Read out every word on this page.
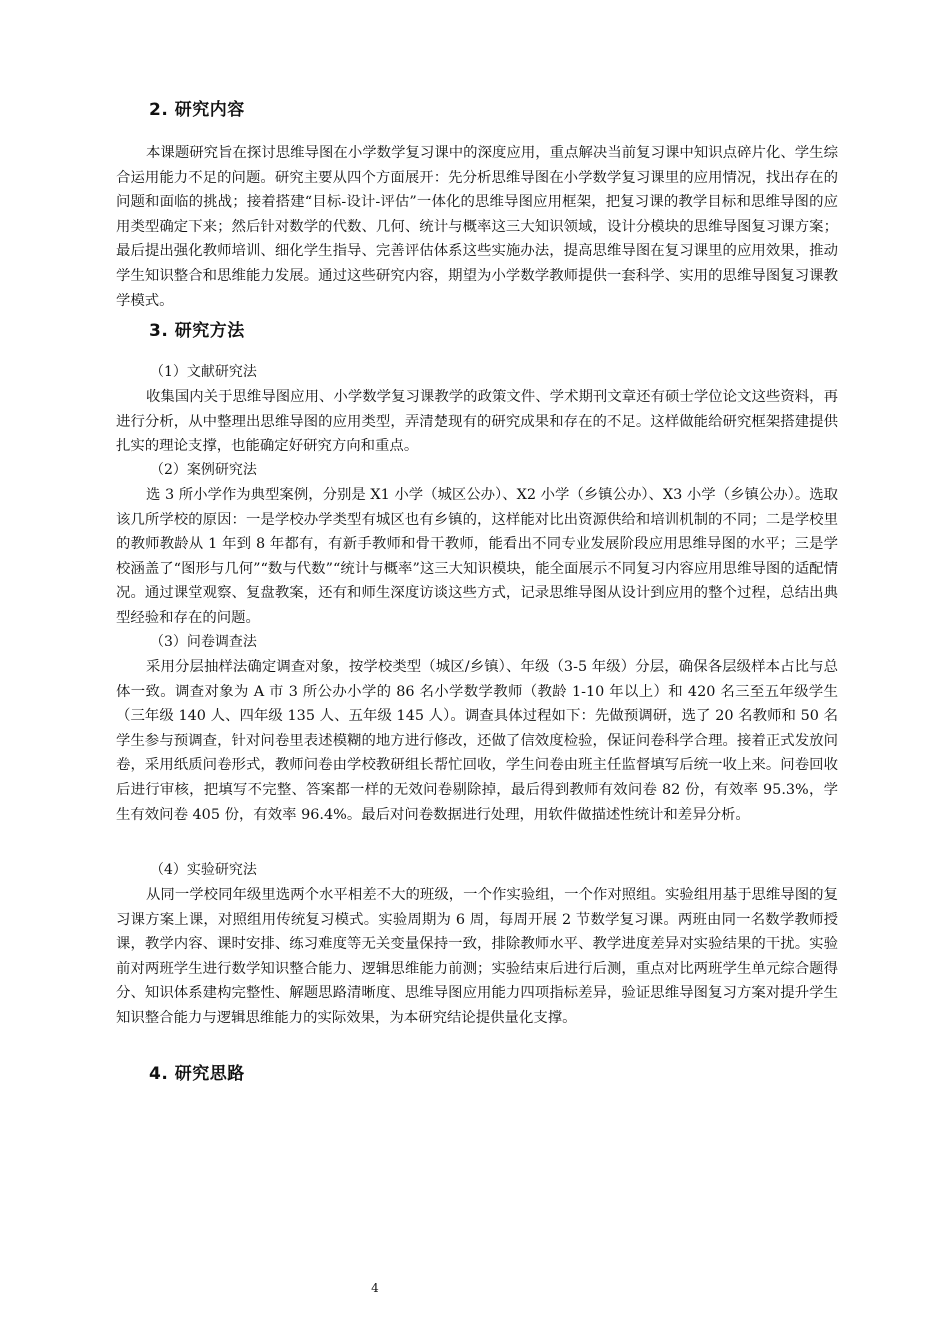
2. 研究内容

本课题研究旨在探讨思维导图在小学数学复习课中的深度应用，重点解决当前复习课中知识点碎片化、学生综合运用能力不足的问题。研究主要从四个方面展开：先分析思维导图在小学数学复习课里的应用情况，找出存在的问题和面临的挑战；接着搭建“目标-设计-评估”一体化的思维导图应用框架，把复习课的教学目标和思维导图的应用类型确定下来；然后针对数学的代数、几何、统计与概率这三大知识领域，设计分模块的思维导图复习课方案；最后提出强化教师培训、细化学生指导、完善评估体系这些实施办法，提高思维导图在复习课里的应用效果，推动学生知识整合和思维能力发展。通过这些研究内容，期望为小学数学教师提供一套科学、实用的思维导图复习课教学模式。

3. 研究方法
（1）文献研究法

收集国内关于思维导图应用、小学数学复习课教学的政策文件、学术期刊文章还有硕士学位论文这些资料，再进行分析，从中整理出思维导图的应用类型，弄清楚现有的研究成果和存在的不足。这样做能给研究框架搭建提供扎实的理论支撑，也能确定好研究方向和重点。

（2）案例研究法

选 3 所小学作为典型案例，分别是 X1 小学（城区公办）、X2 小学（乡镇公办）、X3 小学（乡镇公办）。选取该几所学校的原因：一是学校办学类型有城区也有乡镇的，这样能对比出资源供给和培训机制的不同；二是学校里的教师教龄从 1 年到 8 年都有，有新手教师和骨干教师，能看出不同专业发展阶段应用思维导图的水平；三是学校涵盖了“图形与几何”“数与代数”“统计与概率”这三大知识模块，能全面展示不同复习内容应用思维导图的适配情况。通过课堂观察、复盘教案，还有和师生深度访谈这些方式，记录思维导图从设计到应用的整个过程，总结出典型经验和存在的问题。

（3）问卷调查法

采用分层抽样法确定调查对象，按学校类型（城区/乡镇）、年级（3-5 年级）分层，确保各层级样本占比与总体一致。调查对象为 A 市 3 所公办小学的 86 名小学数学教师（教龄 1-10 年以上）和 420 名三至五年级学生（三年级 140 人、四年级 135 人、五年级 145 人）。调查具体过程如下：先做预调研，选了 20 名教师和 50 名学生参与预调查，针对问卷里表述模糊的地方进行修改，还做了信效度检验，保证问卷科学合理。接着正式发放问卷，采用纸质问卷形式，教师问卷由学校教研组长帮忙回收，学生问卷由班主任监督填写后统一收上来。问卷回收后进行审核，把填写不完整、答案都一样的无效问卷剔除掉，最后得到教师有效问卷 82 份，有效率 95.3%，学生有效问卷 405 份，有效率 96.4%。最后对问卷数据进行处理，用软件做描述性统计和差异分析。

（4）实验研究法

从同一学校同年级里选两个水平相差不大的班级，一个作实验组，一个作对照组。实验组用基于思维导图的复习课方案上课，对照组用传统复习模式。实验周期为 6 周，每周开展 2 节数学复习课。两班由同一名数学教师授课，教学内容、课时安排、练习难度等无关变量保持一致，排除教师水平、教学进度差异对实验结果的干扰。实验前对两班学生进行数学知识整合能力、逻辑思维能力前测；实验结束后进行后测，重点对比两班学生单元综合题得分、知识体系建构完整性、解题思路清晰度、思维导图应用能力四项指标差异，验证思维导图复习方案对提升学生知识整合能力与逻辑思维能力的实际效果，为本研究结论提供量化支撑。

4. 研究思路
4
